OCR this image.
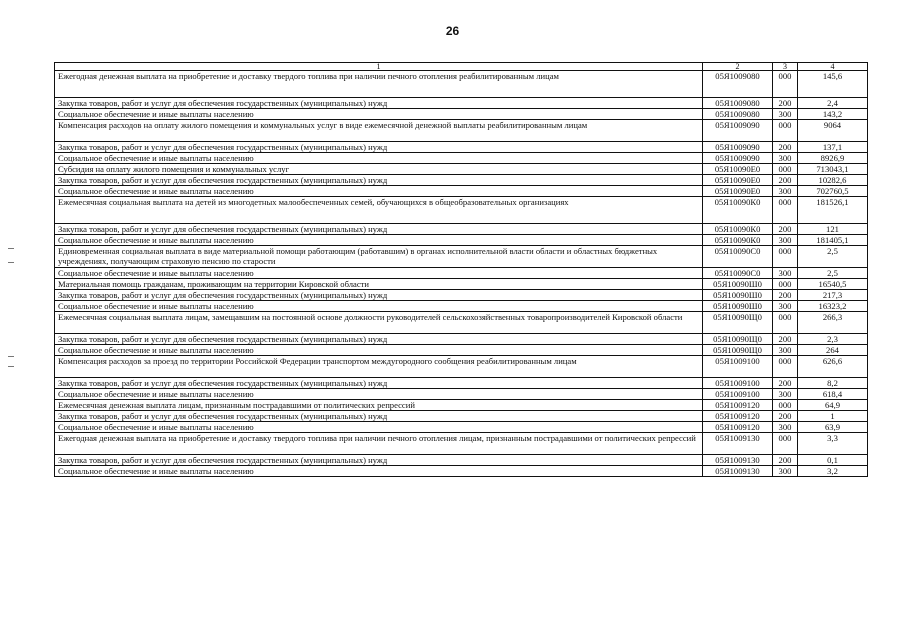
26
1	2	3	4
Ежегодная денежная выплата на приобретение и доставку твердого топлива при наличии печного отопления реабилитированным лицам	05Я1009080	000	145,6
Закупка товаров, работ и услуг для обеспечения государственных (муниципальных) нужд	05Я1009080	200	2,4
Социальное обеспечение и иные выплаты населению	05Я1009080	300	143,2
Компенсация расходов на оплату жилого помещения и коммунальных услуг в виде ежемесячной денежной выплаты реабилитированным лицам	05Я1009090	000	9064
Закупка товаров, работ и услуг для обеспечения государственных (муниципальных) нужд	05Я1009090	200	137,1
Социальное обеспечение и иные выплаты населению	05Я1009090	300	8926,9
Субсидия на оплату жилого помещения и коммунальных услуг	05Я10090Е0	000	713043,1
Закупка товаров, работ и услуг для обеспечения государственных (муниципальных) нужд	05Я10090Е0	200	10282,6
Социальное обеспечение и иные выплаты населению	05Я10090Е0	300	702760,5
Ежемесячная социальная выплата на детей из многодетных малообеспеченных семей, обучающихся в общеобразовательных организациях	05Я10090К0	000	181526,1
Закупка товаров, работ и услуг для обеспечения государственных (муниципальных) нужд	05Я10090К0	200	121
Социальное обеспечение и иные выплаты населению	05Я10090К0	300	181405,1
Единовременная социальная выплата в виде материальной помощи работающим (работавшим) в органах исполнительной власти области и областных бюджетных учреждениях, получающим страховую пенсию по старости	05Я10090С0	000	2,5
Социальное обеспечение и иные выплаты населению	05Я10090С0	300	2,5
Материальная помощь гражданам, проживающим на территории Кировской области	05Я10090Ш0	000	16540,5
Закупка товаров, работ и услуг для обеспечения государственных (муниципальных) нужд	05Я10090Ш0	200	217,3
Социальное обеспечение и иные выплаты населению	05Я10090Ш0	300	16323,2
Ежемесячная социальная выплата лицам, замещавшим на постоянной основе должности руководителей сельскохозяйственных товаропроизводителей Кировской области	05Я10090Щ0	000	266,3
Закупка товаров, работ и услуг для обеспечения государственных (муниципальных) нужд	05Я10090Щ0	200	2,3
Социальное обеспечение и иные выплаты населению	05Я10090Щ0	300	264
Компенсация расходов за проезд по территории Российской Федерации транспортом междугородного сообщения реабилитированным лицам	05Я1009100	000	626,6
Закупка товаров, работ и услуг для обеспечения государственных (муниципальных) нужд	05Я1009100	200	8,2
Социальное обеспечение и иные выплаты населению	05Я1009100	300	618,4
Ежемесячная денежная выплата лицам, признанным пострадавшими от политических репрессий	05Я1009120	000	64,9
Закупка товаров, работ и услуг для обеспечения государственных (муниципальных) нужд	05Я1009120	200	1
Социальное обеспечение и иные выплаты населению	05Я1009120	300	63,9
Ежегодная денежная выплата на приобретение и доставку твердого топлива при наличии печного отопления лицам, признанным пострадавшими от политических репрессий	05Я1009130	000	3,3
Закупка товаров, работ и услуг для обеспечения государственных (муниципальных) нужд	05Я1009130	200	0,1
Социальное обеспечение и иные выплаты населению	05Я1009130	300	3,2
